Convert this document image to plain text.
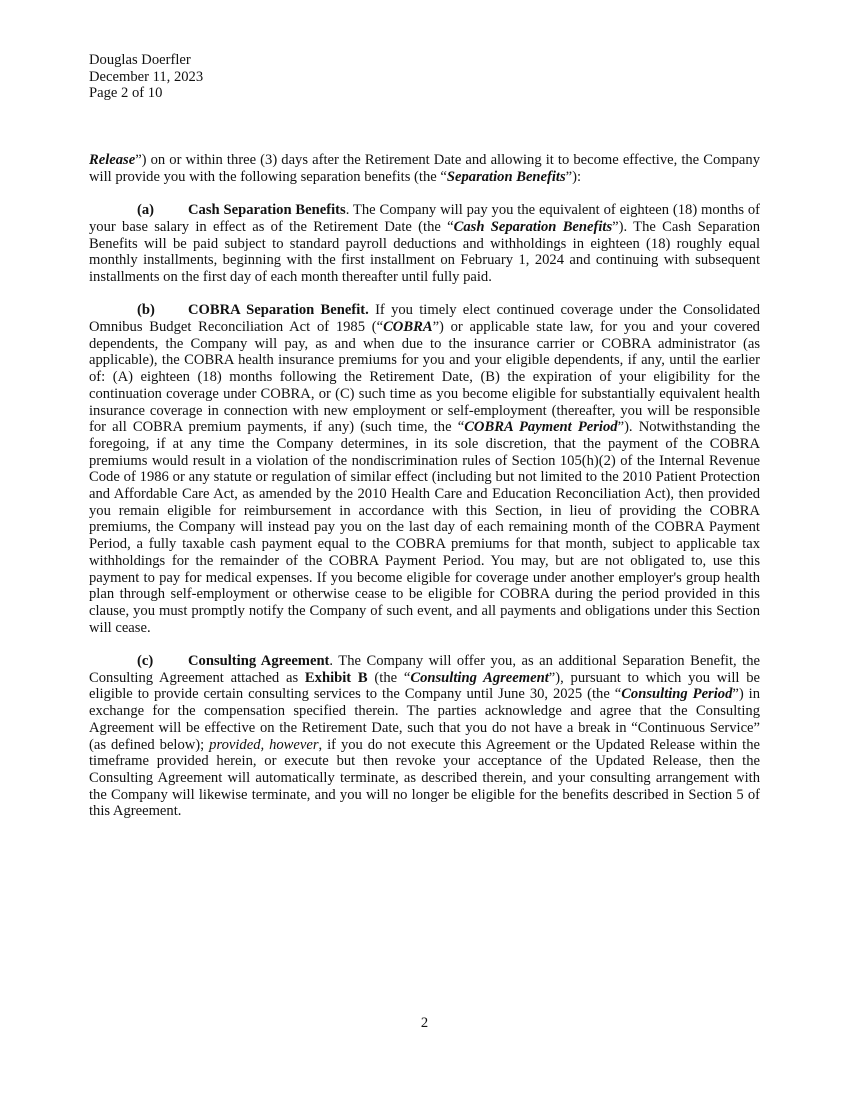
Douglas Doerfler
December 11, 2023
Page 2 of 10

Release”) on or within three (3) days after the Retirement Date and allowing it to become effective, the Company will provide you with the following separation benefits (the “Separation Benefits”):

(a) Cash Separation Benefits. The Company will pay you the equivalent of eighteen (18) months of your base salary in effect as of the Retirement Date (the “Cash Separation Benefits”). The Cash Separation Benefits will be paid subject to standard payroll deductions and withholdings in eighteen (18) roughly equal monthly installments, beginning with the first installment on February 1, 2024 and continuing with subsequent installments on the first day of each month thereafter until fully paid.

(b) COBRA Separation Benefit. If you timely elect continued coverage under the Consolidated Omnibus Budget Reconciliation Act of 1985 (“COBRA”) or applicable state law, for you and your covered dependents, the Company will pay, as and when due to the insurance carrier or COBRA administrator (as applicable), the COBRA health insurance premiums for you and your eligible dependents, if any, until the earlier of: (A) eighteen (18) months following the Retirement Date, (B) the expiration of your eligibility for the continuation coverage under COBRA, or (C) such time as you become eligible for substantially equivalent health insurance coverage in connection with new employment or self-employment (thereafter, you will be responsible for all COBRA premium payments, if any) (such time, the “COBRA Payment Period”). Notwithstanding the foregoing, if at any time the Company determines, in its sole discretion, that the payment of the COBRA premiums would result in a violation of the nondiscrimination rules of Section 105(h)(2) of the Internal Revenue Code of 1986 or any statute or regulation of similar effect (including but not limited to the 2010 Patient Protection and Affordable Care Act, as amended by the 2010 Health Care and Education Reconciliation Act), then provided you remain eligible for reimbursement in accordance with this Section, in lieu of providing the COBRA premiums, the Company will instead pay you on the last day of each remaining month of the COBRA Payment Period, a fully taxable cash payment equal to the COBRA premiums for that month, subject to applicable tax withholdings for the remainder of the COBRA Payment Period. You may, but are not obligated to, use this payment to pay for medical expenses. If you become eligible for coverage under another employer's group health plan through self-employment or otherwise cease to be eligible for COBRA during the period provided in this clause, you must promptly notify the Company of such event, and all payments and obligations under this Section will cease.

(c) Consulting Agreement. The Company will offer you, as an additional Separation Benefit, the Consulting Agreement attached as Exhibit B (the “Consulting Agreement”), pursuant to which you will be eligible to provide certain consulting services to the Company until June 30, 2025 (the “Consulting Period”) in exchange for the compensation specified therein. The parties acknowledge and agree that the Consulting Agreement will be effective on the Retirement Date, such that you do not have a break in “Continuous Service” (as defined below); provided, however, if you do not execute this Agreement or the Updated Release within the timeframe provided herein, or execute but then revoke your acceptance of the Updated Release, then the Consulting Agreement will automatically terminate, as described therein, and your consulting arrangement with the Company will likewise terminate, and you will no longer be eligible for the benefits described in Section 5 of this Agreement.

2
